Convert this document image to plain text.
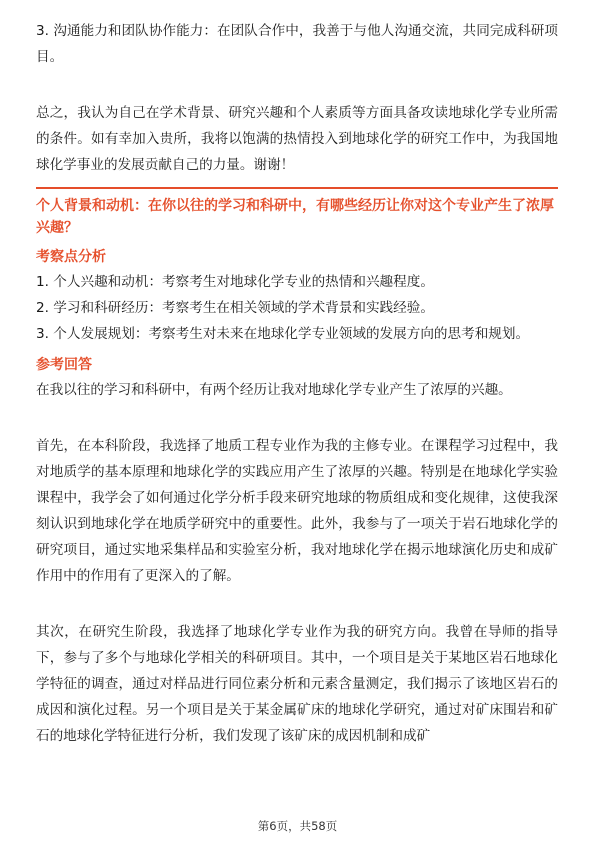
3. 沟通能力和团队协作能力：在团队合作中，我善于与他人沟通交流，共同完成科研项目。

总之，我认为自己在学术背景、研究兴趣和个人素质等方面具备攻读地球化学专业所需的条件。如有幸加入贵所，我将以饱满的热情投入到地球化学的研究工作中，为我国地球化学事业的发展贡献自己的力量。谢谢！

个人背景和动机：在你以往的学习和科研中，有哪些经历让你对这个专业产生了浓厚兴趣？

考察点分析
1. 个人兴趣和动机：考察考生对地球化学专业的热情和兴趣程度。
2. 学习和科研经历：考察考生在相关领域的学术背景和实践经验。
3. 个人发展规划：考察考生对未来在地球化学专业领域的发展方向的思考和规划。
参考回答

在我以往的学习和科研中，有两个经历让我对地球化学专业产生了浓厚的兴趣。

首先，在本科阶段，我选择了地质工程专业作为我的主修专业。在课程学习过程中，我对地质学的基本原理和地球化学的实践应用产生了浓厚的兴趣。特别是在地球化学实验课程中，我学会了如何通过化学分析手段来研究地球的物质组成和变化规律，这使我深刻认识到地球化学在地质学研究中的重要性。此外，我参与了一项关于岩石地球化学的研究项目，通过实地采集样品和实验室分析，我对地球化学在揭示地球演化历史和成矿作用中的作用有了更深入的了解。

其次，在研究生阶段，我选择了地球化学专业作为我的研究方向。我曾在导师的指导下，参与了多个与地球化学相关的科研项目。其中，一个项目是关于某地区岩石地球化学特征的调查，通过对样品进行同位素分析和元素含量测定，我们揭示了该地区岩石的成因和演化过程。另一个项目是关于某金属矿床的地球化学研究，通过对矿床围岩和矿石的地球化学特征进行分析，我们发现了该矿床的成因机制和成矿

第6页，共58页
